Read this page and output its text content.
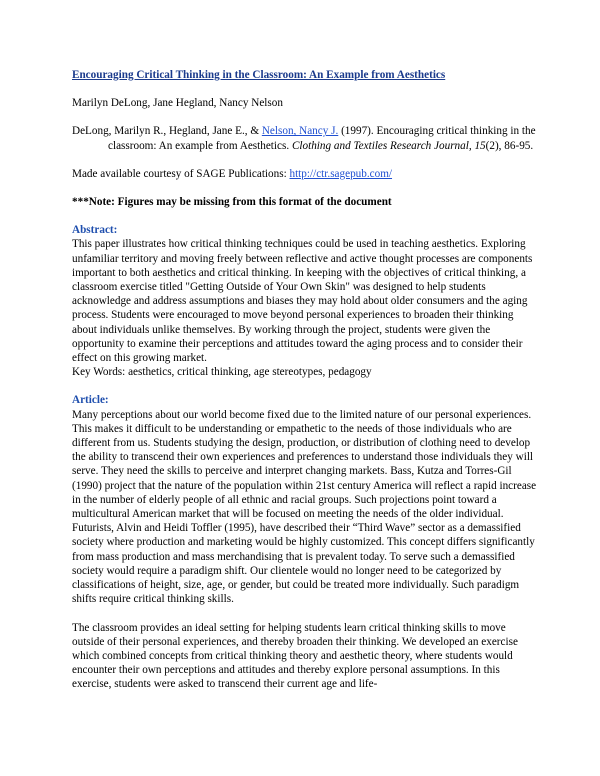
Encouraging Critical Thinking in the Classroom: An Example from Aesthetics

Marilyn DeLong, Jane Hegland, Nancy Nelson

DeLong, Marilyn R., Hegland, Jane E., & Nelson, Nancy J. (1997). Encouraging critical thinking in the classroom: An example from Aesthetics. Clothing and Textiles Research Journal, 15(2), 86-95.

Made available courtesy of SAGE Publications: http://ctr.sagepub.com/

***Note: Figures may be missing from this format of the document

Abstract:

This paper illustrates how critical thinking techniques could be used in teaching aesthetics. Exploring unfamiliar territory and moving freely between reflective and active thought processes are components important to both aesthetics and critical thinking. In keeping with the objectives of critical thinking, a classroom exercise titled "Getting Outside of Your Own Skin" was designed to help students acknowledge and address assumptions and biases they may hold about older consumers and the aging process. Students were encouraged to move beyond personal experiences to broaden their thinking about individuals unlike themselves. By working through the project, students were given the opportunity to examine their perceptions and attitudes toward the aging process and to consider their effect on this growing market.

Key Words: aesthetics, critical thinking, age stereotypes, pedagogy

Article:

Many perceptions about our world become fixed due to the limited nature of our personal experiences. This makes it difficult to be understanding or empathetic to the needs of those individuals who are different from us. Students studying the design, production, or distribution of clothing need to develop the ability to transcend their own experiences and preferences to understand those individuals they will serve. They need the skills to perceive and interpret changing markets. Bass, Kutza and Torres-Gil (1990) project that the nature of the population within 21st century America will reflect a rapid increase in the number of elderly people of all ethnic and racial groups. Such projections point toward a multicultural American market that will be focused on meeting the needs of the older individual. Futurists, Alvin and Heidi Toffler (1995), have described their “Third Wave” sector as a demassified society where production and marketing would be highly customized. This concept differs significantly from mass production and mass merchandising that is prevalent today. To serve such a demassified society would require a paradigm shift. Our clientele would no longer need to be categorized by classifications of height, size, age, or gender, but could be treated more individually. Such paradigm shifts require critical thinking skills.

The classroom provides an ideal setting for helping students learn critical thinking skills to move outside of their personal experiences, and thereby broaden their thinking. We developed an exercise which combined concepts from critical thinking theory and aesthetic theory, where students would encounter their own perceptions and attitudes and thereby explore personal assumptions. In this exercise, students were asked to transcend their current age and life-
